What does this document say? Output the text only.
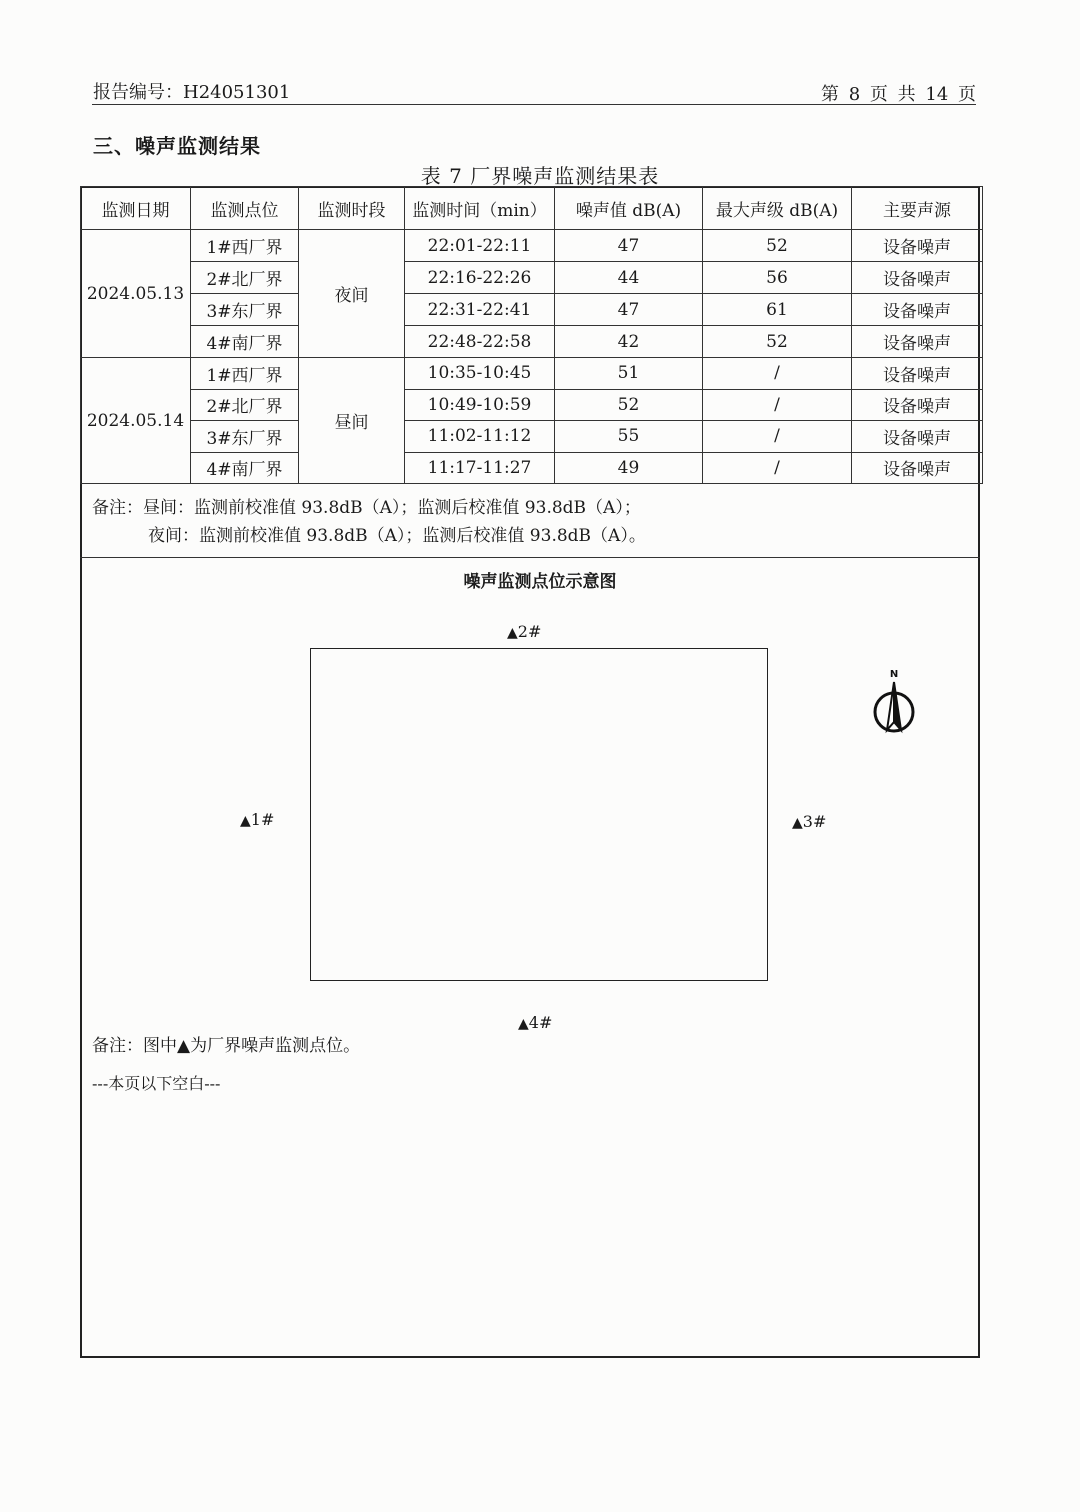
报告编号：H24051301	第 8 页 共 14 页
三、噪声监测结果
表 7 厂界噪声监测结果表
监测日期	监测点位	监测时段	监测时间（min）	噪声值 dB(A)	最大声级 dB(A)	主要声源
2024.05.13	1#西厂界	夜间	22:01-22:11	47	52	设备噪声
	2#北厂界		22:16-22:26	44	56	设备噪声
	3#东厂界		22:31-22:41	47	61	设备噪声
	4#南厂界		22:48-22:58	42	52	设备噪声
2024.05.14	1#西厂界	昼间	10:35-10:45	51	/	设备噪声
	2#北厂界		10:49-10:59	52	/	设备噪声
	3#东厂界		11:02-11:12	55	/	设备噪声
	4#南厂界		11:17-11:27	49	/	设备噪声
备注：昼间：监测前校准值 93.8dB（A）；监测后校准值 93.8dB（A）；
夜间：监测前校准值 93.8dB（A）；监测后校准值 93.8dB（A）。
噪声监测点位示意图
▲2#
▲1#	▲3#
▲4#
N
备注：图中▲为厂界噪声监测点位。
---本页以下空白---
